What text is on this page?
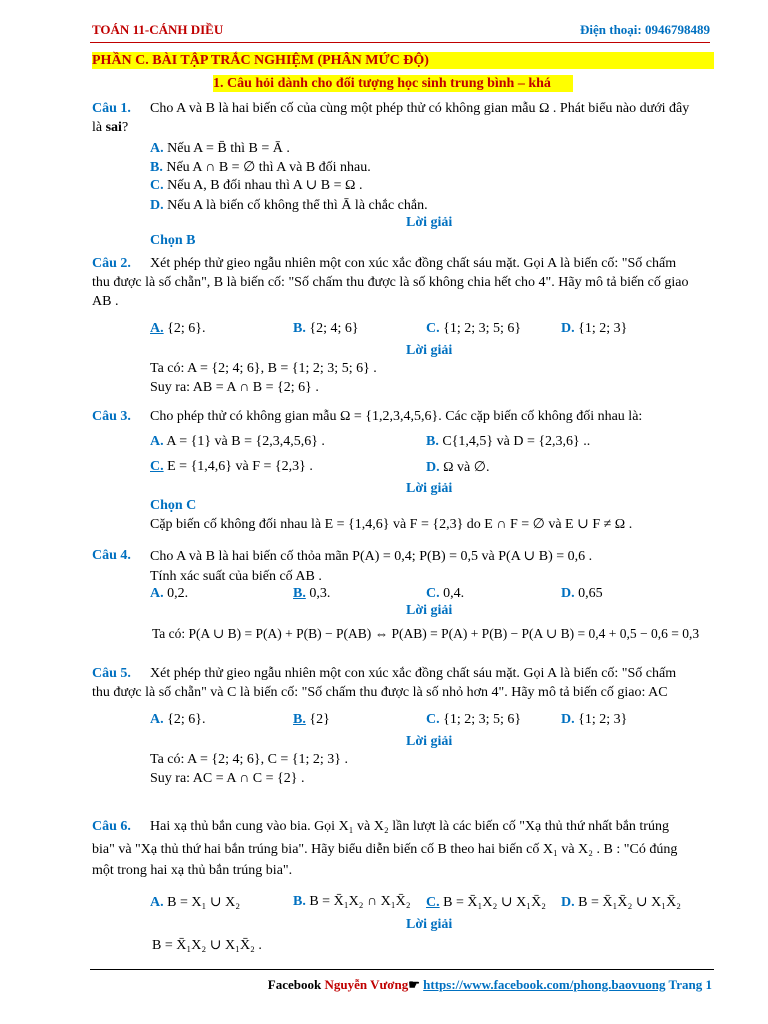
TOÁN 11-CÁNH DIỀU	Điện thoại: 0946798489
PHẦN C. BÀI TẬP TRẮC NGHIỆM (PHÂN MỨC ĐỘ)
1. Câu hỏi dành cho đối tượng học sinh trung bình – khá
Câu 1. Cho A và B là hai biến cố của cùng một phép thử có không gian mẫu Ω . Phát biểu nào dưới đây
là sai?
A. Nếu A = B̄ thì B = Ā .
B. Nếu A ∩ B = ∅ thì A và B đối nhau.
C. Nếu A, B đối nhau thì A ∪ B = Ω .
D. Nếu A là biến cố không thể thì Ā là chắc chắn.
Lời giải
Chọn B
Câu 2. Xét phép thử gieo ngẫu nhiên một con xúc xắc đồng chất sáu mặt. Gọi A là biến cố: "Số chấm
thu được là số chẵn", B là biến cố: "Số chấm thu được là số không chia hết cho 4". Hãy mô tả biến cố giao
AB .
A. {2; 6}.	B. {2; 4; 6}	C. {1; 2; 3; 5; 6}	D. {1; 2; 3}
Lời giải
Ta có: A = {2; 4; 6}, B = {1; 2; 3; 5; 6} .
Suy ra: AB = A ∩ B = {2; 6} .
Câu 3. Cho phép thử có không gian mẫu Ω = {1,2,3,4,5,6}. Các cặp biến cố không đối nhau là:
A. A = {1} và B = {2,3,4,5,6} .	B. C{1,4,5} và D = {2,3,6} ..
C. E = {1,4,6} và F = {2,3} .	D. Ω và ∅.
Lời giải
Chọn C
Cặp biến cố không đối nhau là E = {1,4,6} và F = {2,3} do E ∩ F = ∅ và E ∪ F ≠ Ω .
Câu 4. Cho A và B là hai biến cố thỏa mãn P(A) = 0,4; P(B) = 0,5 và P(A ∪ B) = 0,6 .
Tính xác suất của biến cố AB .
A. 0,2.	B. 0,3.	C. 0,4.	D. 0,65
Lời giải
Ta có: P(A ∪ B) = P(A) + P(B) − P(AB) ⇔ P(AB) = P(A) + P(B) − P(A ∪ B) = 0,4 + 0,5 − 0,6 = 0,3
Câu 5. Xét phép thử gieo ngẫu nhiên một con xúc xắc đồng chất sáu mặt. Gọi A là biến cố: "Số chấm
thu được là số chẵn" và C là biến cố: "Số chấm thu được là số nhỏ hơn 4". Hãy mô tả biến cố giao: AC
A. {2; 6}.	B. {2}	C. {1; 2; 3; 5; 6}	D. {1; 2; 3}
Lời giải
Ta có: A = {2; 4; 6}, C = {1; 2; 3} .
Suy ra: AC = A ∩ C = {2} .
Câu 6. Hai xạ thủ bắn cung vào bia. Gọi X₁ và X₂ lần lượt là các biến cố "Xạ thủ thứ nhất bắn trúng
bia" và "Xạ thủ thứ hai bắn trúng bia". Hãy biểu diễn biến cố B theo hai biến cố X₁ và X₂ . B : "Có đúng
một trong hai xạ thủ bắn trúng bia".
A. B = X₁ ∪ X₂	B. B = X̄₁X₂ ∩ X₁X̄₂ C. B = X̄₁X₂ ∪ X₁X̄₂ D. B = X̄₁X̄₂ ∪ X₁X̄₂
Lời giải
B = X̄₁X₂ ∪ X₁X̄₂ .
Facebook Nguyễn Vương☛ https://www.facebook.com/phong.baovuong Trang 1
